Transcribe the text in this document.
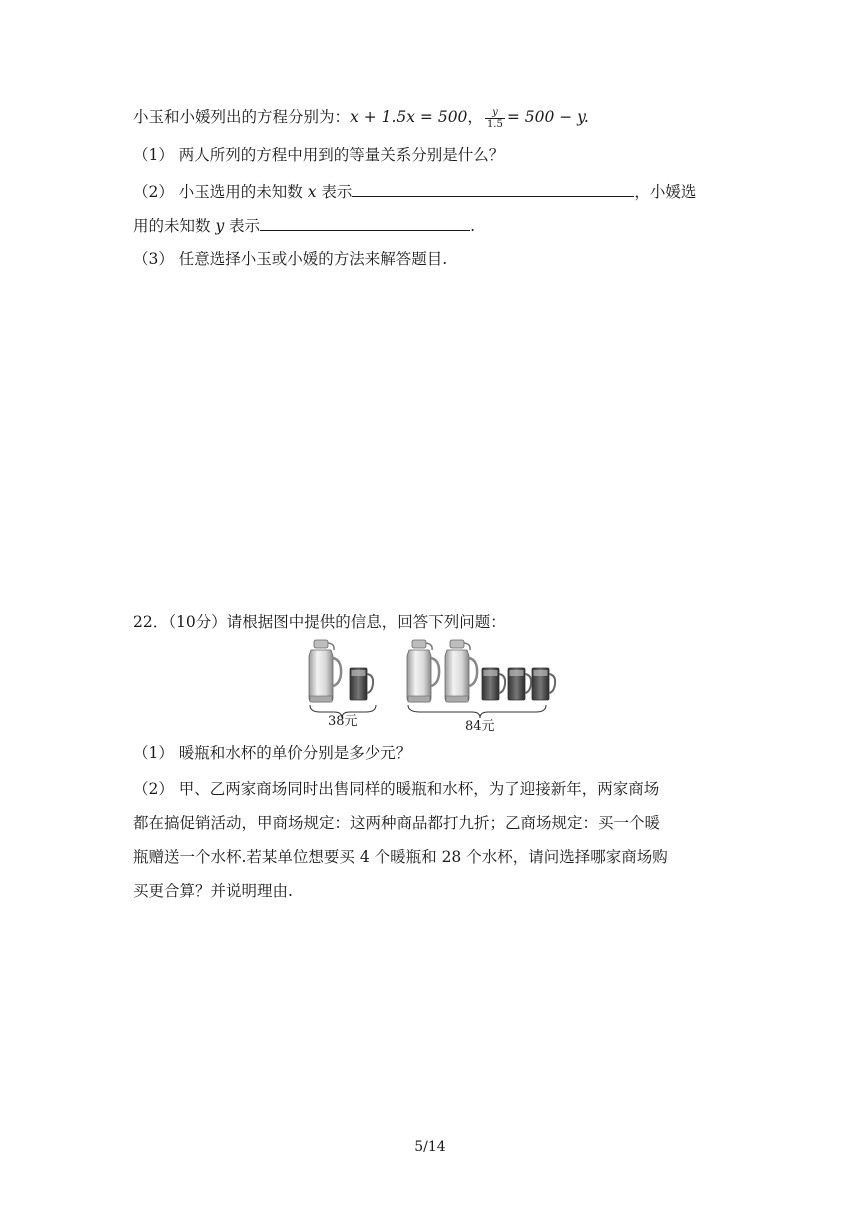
小玉和小媛列出的方程分别为：x + 1.5x = 500， $\frac{y}{1.5} = 500 - y$.
（1） 两人所列的方程中用到的等量关系分别是什么？
（2） 小玉选用的未知数 x 表示	，小媛选
用的未知数 y 表示	.
（3） 任意选择小玉或小媛的方法来解答题目.
22．（10分）请根据图中提供的信息，回答下列问题：
38元	84元
（1） 暖瓶和水杯的单价分别是多少元？
（2） 甲、乙两家商场同时出售同样的暖瓶和水杯，为了迎接新年，两家商场
都在搞促销活动，甲商场规定：这两种商品都打九折；乙商场规定：买一个暖
瓶赠送一个水杯.若某单位想要买 4 个暖瓶和 28 个水杯，请问选择哪家商场购
买更合算？并说明理由.
5/14
